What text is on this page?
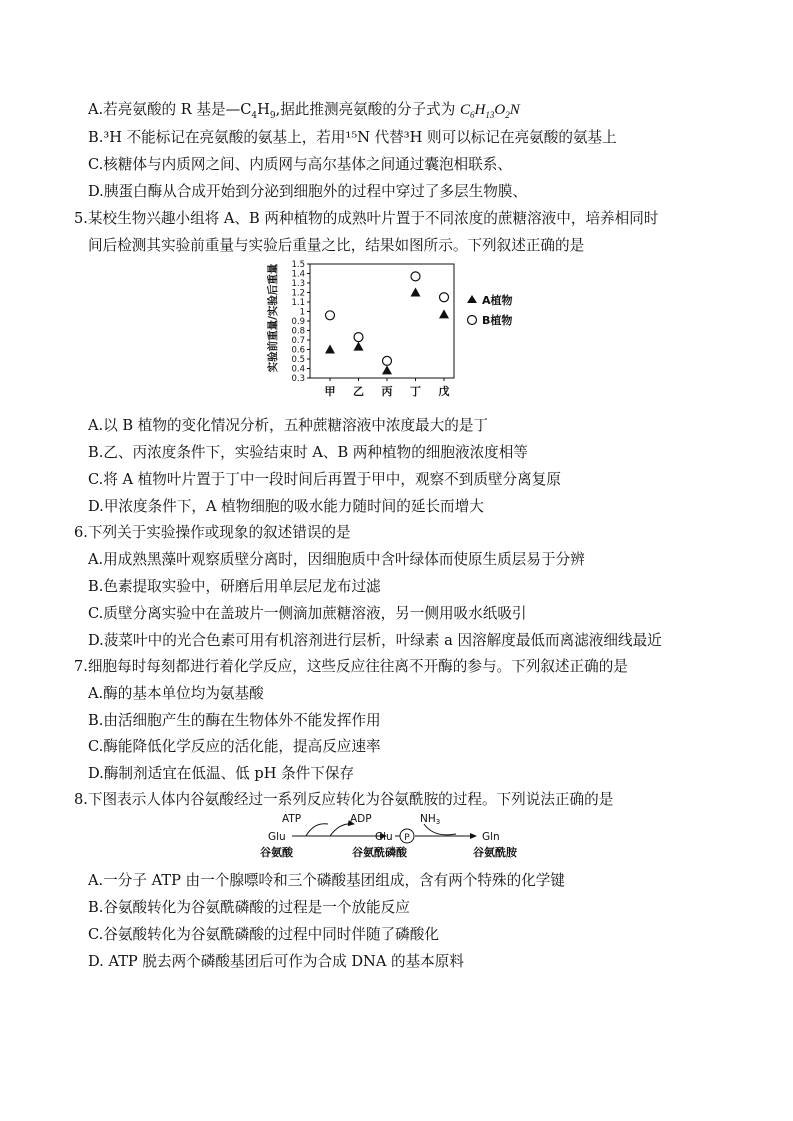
A.若亮氨酸的 R 基是$—C_4H_9$,据此推测亮氨酸的分子式为 $C_6H_{13}O_2N$
B.³H 不能标记在亮氨酸的氨基上，若用¹⁵N 代替³H 则可以标记在亮氨酸的氨基上
C.核糖体与内质网之间、内质网与高尔基体之间通过囊泡相联系、
D.胰蛋白酶从合成开始到分泌到细胞外的过程中穿过了多层生物膜、
5.某校生物兴趣小组将 A、B 两种植物的成熟叶片置于不同浓度的蔗糖溶液中，培养相同时
间后检测其实验前重量与实验后重量之比，结果如图所示。下列叙述正确的是
0.3
0.4
0.5
0.6
0.7
0.8
0.9
1
1.1
1.2
1.3
1.4
1.5
甲 乙 丙 丁 戊
A植物
B植物
实验前重量/实验后重量
A.以 B 植物的变化情况分析，五种蔗糖溶液中浓度最大的是丁
B.乙、丙浓度条件下，实验结束时 A、B 两种植物的细胞液浓度相等
C.将 A 植物叶片置于丁中一段时间后再置于甲中，观察不到质壁分离复原
D.甲浓度条件下，A 植物细胞的吸水能力随时间的延长而增大
6.下列关于实验操作或现象的叙述错误的是
A.用成熟黑藻叶观察质壁分离时，因细胞质中含叶绿体而使原生质层易于分辨
B.色素提取实验中，研磨后用单层尼龙布过滤
C.质壁分离实验中在盖玻片一侧滴加蔗糖溶液，另一侧用吸水纸吸引
D.菠菜叶中的光合色素可用有机溶剂进行层析，叶绿素 a 因溶解度最低而离滤液细线最近
7.细胞每时每刻都进行着化学反应，这些反应往往离不开酶的参与。下列叙述正确的是
A.酶的基本单位均为氨基酸
B.由活细胞产生的酶在生物体外不能发挥作用
C.酶能降低化学反应的活化能，提高反应速率
D.酶制剂适宜在低温、低 pH 条件下保存
8.下图表示人体内谷氨酸经过一系列反应转化为谷氨酰胺的过程。下列说法正确的是
ATP	ADP	NH3
Glu	Glu P	Gln
谷氨酸	谷氨酰磷酸	谷氨酰胺
A.一分子 ATP 由一个腺嘌呤和三个磷酸基团组成，含有两个特殊的化学键
B.谷氨酸转化为谷氨酰磷酸的过程是一个放能反应
C.谷氨酸转化为谷氨酰磷酸的过程中同时伴随了磷酸化
D. ATP 脱去两个磷酸基团后可作为合成 DNA 的基本原料
